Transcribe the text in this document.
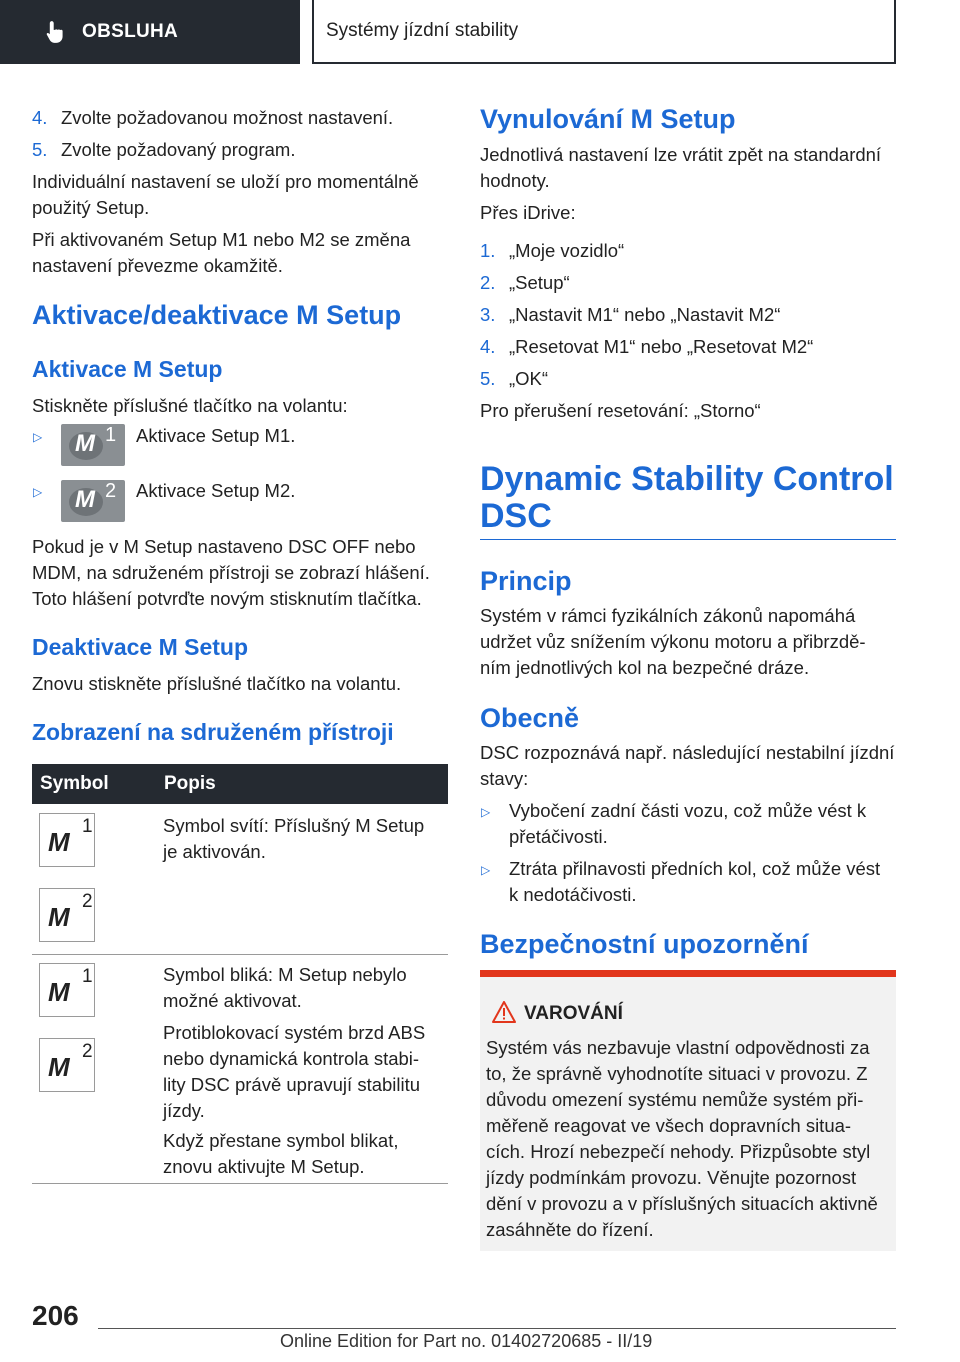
OBSLUHA	Systémy jízdní stability
4. Zvolte požadovanou možnost nastavení.
5. Zvolte požadovaný program.
Individuální nastavení se uloží pro momentálně
použitý Setup.
Při aktivovaném Setup M1 nebo M2 se změna
nastavení převezme okamžitě.
Aktivace/deaktivace M Setup
Aktivace M Setup
Stiskněte příslušné tlačítko na volantu:
▷ M 1 Aktivace Setup M1.
▷ M 2 Aktivace Setup M2.
Pokud je v M Setup nastaveno DSC OFF nebo
MDM, na sdruženém přístroji se zobrazí hlášení.
Toto hlášení potvrďte novým stisknutím tlačítka.
Deaktivace M Setup
Znovu stiskněte příslušné tlačítko na volantu.
Zobrazení na sdruženém přístroji
Symbol	Popis
M
1
M
2
Symbol svítí: Příslušný M Setup
je aktivován.
M
1
M
2
Symbol bliká: M Setup nebylo
možné aktivovat.
Protiblokovací systém brzd ABS
nebo dynamická kontrola stabi-
lity DSC právě upravují stabilitu
jízdy.
Když přestane symbol blikat,
znovu aktivujte M Setup.
Vynulování M Setup
Jednotlivá nastavení lze vrátit zpět na standardní
hodnoty.
Přes iDrive:
1. „Moje vozidlo“
2. „Setup“
3. „Nastavit M1“ nebo „Nastavit M2“
4. „Resetovat M1“ nebo „Resetovat M2“
5. „OK“
Pro přerušení resetování: „Storno“
Dynamic Stability Control
DSC
Princip
Systém v rámci fyzikálních zákonů napomáhá
udržet vůz snížením výkonu motoru a přibrzdě-
ním jednotlivých kol na bezpečné dráze.
Obecně
DSC rozpoznává např. následující nestabilní jízdní
stavy:
▷ Vybočení zadní části vozu, což může vést k
přetáčivosti.
▷ Ztráta přilnavosti předních kol, což může vést
k nedotáčivosti.
Bezpečnostní upozornění
VAROVÁNÍ
Systém vás nezbavuje vlastní odpovědnosti za
to, že správně vyhodnotíte situaci v provozu. Z
důvodu omezení systému nemůže systém při-
měřeně reagovat ve všech dopravních situa-
cích. Hrozí nebezpečí nehody. Přizpůsobte styl
jízdy podmínkám provozu. Věnujte pozornost
dění v provozu a v příslušných situacích aktivně
zasáhněte do řízení.
206
Online Edition for Part no. 01402720685 - II/19
